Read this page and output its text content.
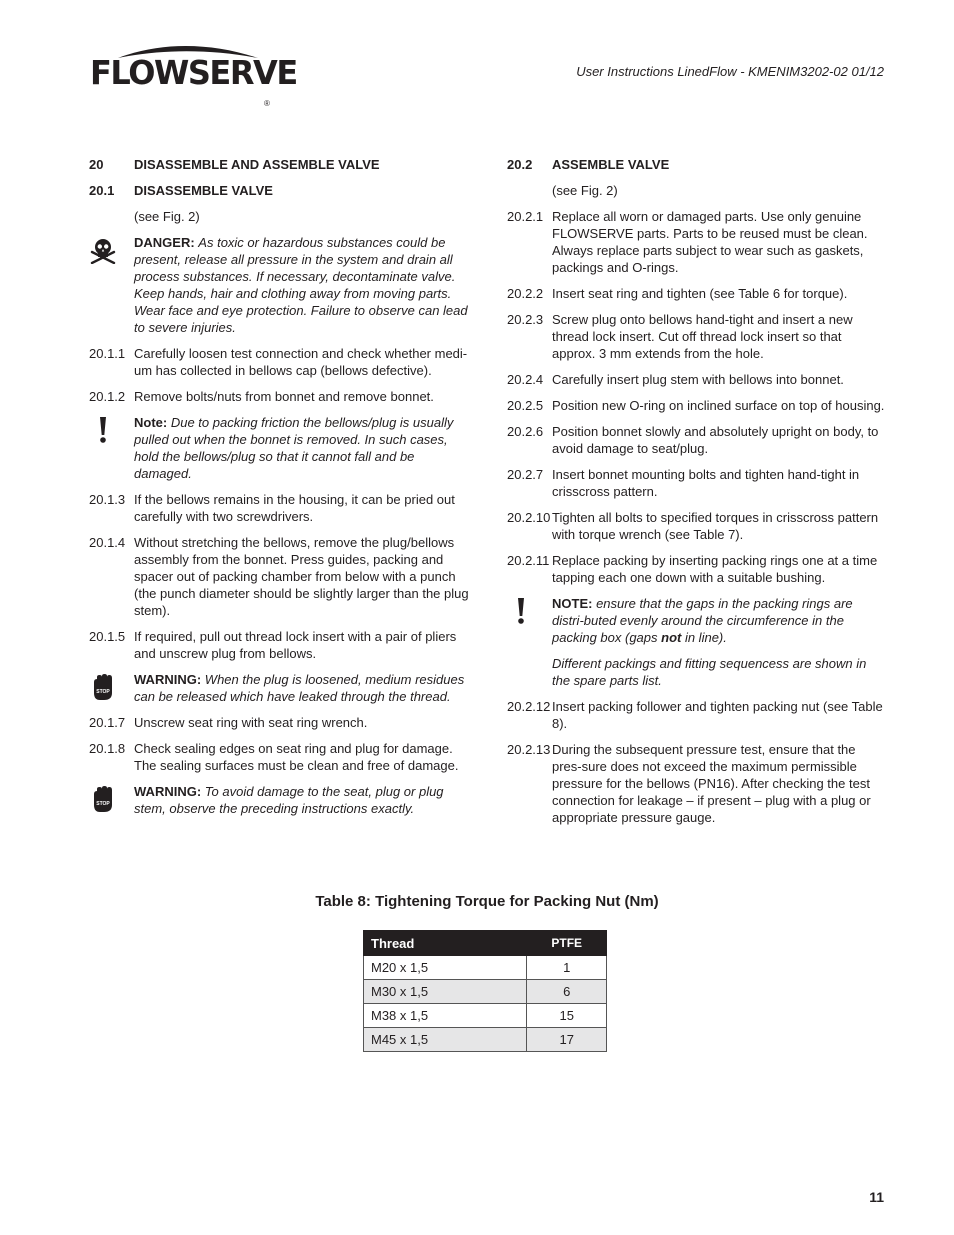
FLOWSERVE
®
User Instructions LinedFlow - KMENIM3202-02 01/12
20	DISASSEMBLE AND ASSEMBLE VALVE
20.1	DISASSEMBLE VALVE
(see Fig. 2)
DANGER: As toxic or hazardous substances could be present, release all pressure in the system and drain all process substances. If necessary, decontaminate valve. Keep hands, hair and clothing away from moving parts. Wear face and eye protection. Failure to observe can lead to severe injuries.
20.1.1 Carefully loosen test connection and check whether medi-um has collected in bellows cap (bellows defective).
20.1.2 Remove bolts/nuts from bonnet and remove bonnet.
Note: Due to packing friction the bellows/plug is usually pulled out when the bonnet is removed. In such cases, hold the bellows/plug so that it cannot fall and be damaged.
20.1.3 If the bellows remains in the housing, it can be pried out carefully with two screwdrivers.
20.1.4 Without stretching the bellows, remove the plug/bellows assembly from the bonnet. Press guides, packing and spacer out of packing chamber from below with a punch (the punch diameter should be slightly larger than the plug stem).
20.1.5 If required, pull out thread lock insert with a pair of pliers and unscrew plug from bellows.
STOP
WARNING: When the plug is loosened, medium residues can be released which have leaked through the thread.
20.1.7 Unscrew seat ring with seat ring wrench.
20.1.8 Check sealing edges on seat ring and plug for damage. The sealing surfaces must be clean and free of damage.
STOP
WARNING: To avoid damage to the seat, plug or plug stem, observe the preceding instructions exactly.
20.2	ASSEMBLE VALVE
(see Fig. 2)
20.2.1 Replace all worn or damaged parts. Use only genuine FLOWSERVE parts. Parts to be reused must be clean. Always replace parts subject to wear such as gaskets, packings and O-rings.
20.2.2 Insert seat ring and tighten (see Table 6 for torque).
20.2.3 Screw plug onto bellows hand-tight and insert a new thread lock insert. Cut off thread lock insert so that approx. 3 mm extends from the hole.
20.2.4 Carefully insert plug stem with bellows into bonnet.
20.2.5 Position new O-ring on inclined surface on top of housing.
20.2.6 Position bonnet slowly and absolutely upright on body, to avoid damage to seat/plug.
20.2.7 Insert bonnet mounting bolts and tighten hand-tight in crisscross pattern.
20.2.10 Tighten all bolts to specified torques in crisscross pattern with torque wrench (see Table 7).
20.2.11 Replace packing by inserting packing rings one at a time tapping each one down with a suitable bushing.
NOTE: ensure that the gaps in the packing rings are distri-buted evenly around the circumference in the packing box (gaps not in line).
Different packings and fitting sequencess are shown in the spare parts list.
20.2.12 Insert packing follower and tighten packing nut (see Table 8).
20.2.13 During the subsequent pressure test, ensure that the pres-sure does not exceed the maximum permissible pressure for the bellows (PN16). After checking the test connection for leakage – if present – plug with a plug or appropriate pressure gauge.
Table 8: Tightening Torque for Packing Nut (Nm)
Thread	PTFE
M20 x 1,5	1
M30 x 1,5	6
M38 x 1,5	15
M45 x 1,5	17
11
